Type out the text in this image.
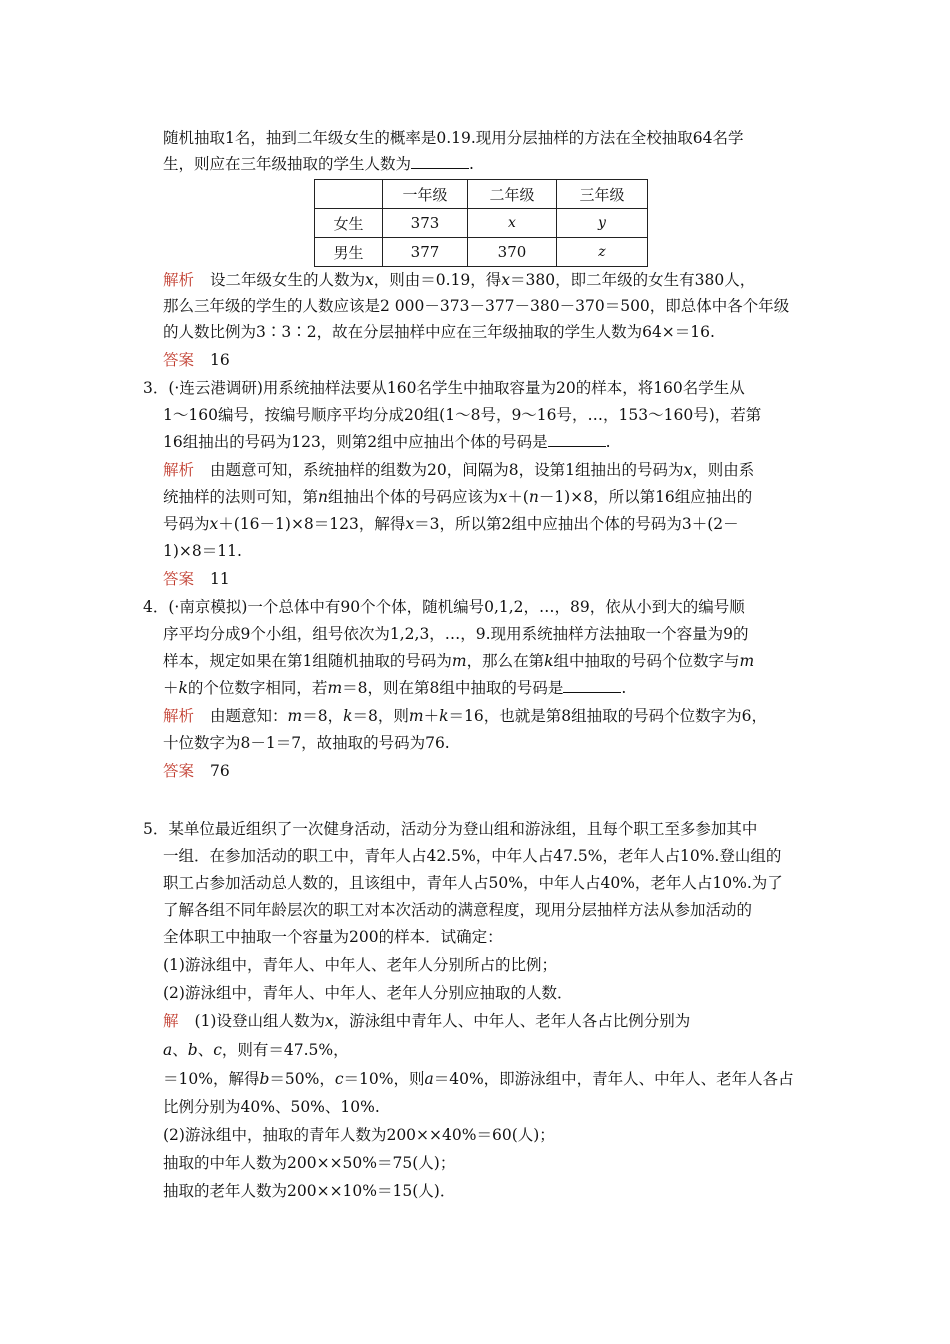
随机抽取1名，抽到二年级女生的概率是0.19.现用分层抽样的方法在全校抽取64名学
生，则应在三年级抽取的学生人数为	.
	一年级	二年级	三年级
女生	373	x	y
男生	377	370	z
解析 设二年级女生的人数为x，则由＝0.19，得x＝380，即二年级的女生有380人，
那么三年级的学生的人数应该是2 000－373－377－380－370＝500，即总体中各个年级
的人数比例为3∶3∶2，故在分层抽样中应在三年级抽取的学生人数为64×＝16.
答案 16
3．(·连云港调研)用系统抽样法要从160名学生中抽取容量为20的样本，将160名学生从
1～160编号，按编号顺序平均分成20组(1～8号，9～16号，…，153～160号)，若第
16组抽出的号码为123，则第2组中应抽出个体的号码是	.
解析 由题意可知，系统抽样的组数为20，间隔为8，设第1组抽出的号码为x，则由系
统抽样的法则可知，第n组抽出个体的号码应该为x＋(n－1)×8，所以第16组应抽出的
号码为x＋(16－1)×8＝123，解得x＝3，所以第2组中应抽出个体的号码为3＋(2－
1)×8＝11.
答案 11
4．(·南京模拟)一个总体中有90个个体，随机编号0,1,2，…，89，依从小到大的编号顺
序平均分成9个小组，组号依次为1,2,3，…，9.现用系统抽样方法抽取一个容量为9的
样本，规定如果在第1组随机抽取的号码为m，那么在第k组中抽取的号码个位数字与m
＋k的个位数字相同，若m＝8，则在第8组中抽取的号码是	.
解析 由题意知：m＝8，k＝8，则m＋k＝16，也就是第8组抽取的号码个位数字为6，
十位数字为8－1＝7，故抽取的号码为76.
答案 76
5．某单位最近组织了一次健身活动，活动分为登山组和游泳组，且每个职工至多参加其中
一组．在参加活动的职工中，青年人占42.5%，中年人占47.5%，老年人占10%.登山组的
职工占参加活动总人数的，且该组中，青年人占50%，中年人占40%，老年人占10%.为了
了解各组不同年龄层次的职工对本次活动的满意程度，现用分层抽样方法从参加活动的
全体职工中抽取一个容量为200的样本．试确定：
(1)游泳组中，青年人、中年人、老年人分别所占的比例；
(2)游泳组中，青年人、中年人、老年人分别应抽取的人数．
解 (1)设登山组人数为x，游泳组中青年人、中年人、老年人各占比例分别为
a、b、c，则有＝47.5%，
＝10%，解得b＝50%，c＝10%，则a＝40%，即游泳组中，青年人、中年人、老年人各占
比例分别为40%、50%、10%.
(2)游泳组中，抽取的青年人数为200××40%＝60(人)；
抽取的中年人数为200××50%＝75(人)；
抽取的老年人数为200××10%＝15(人)．
